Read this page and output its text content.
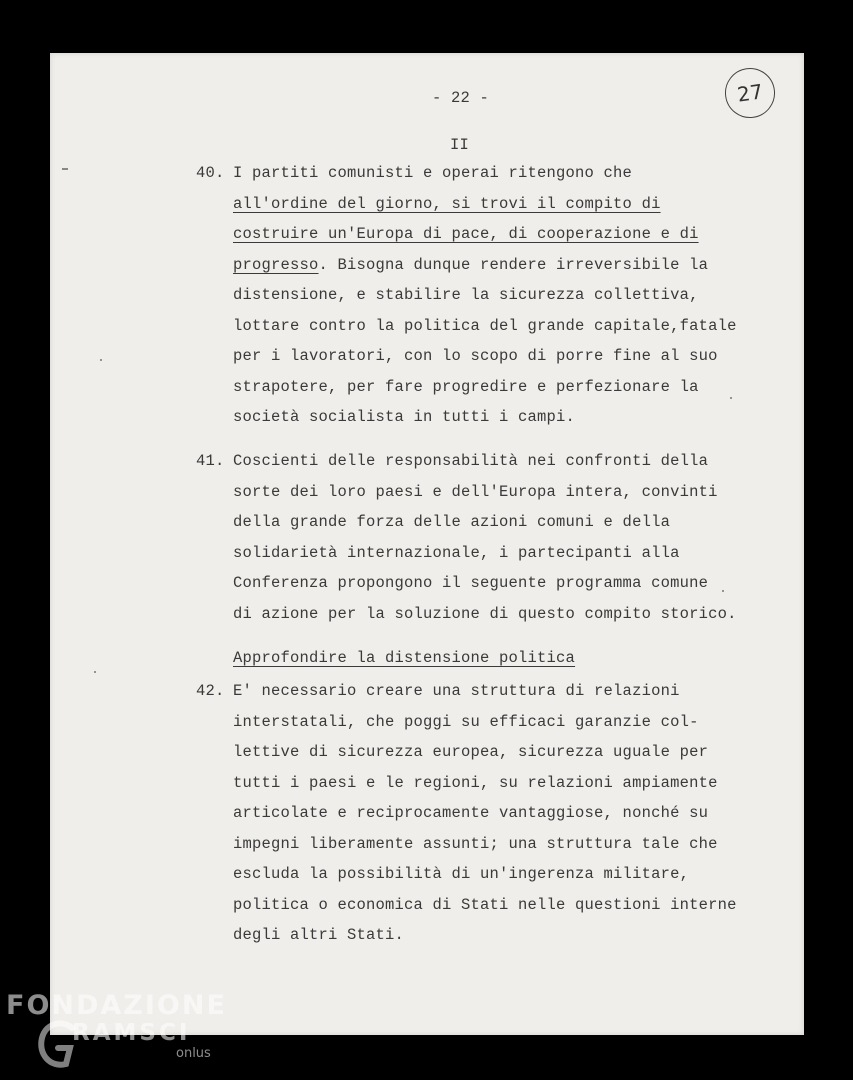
- 22 -	27
II
40. I partiti comunisti e operai ritengono che
all'ordine del giorno, si trovi il compito di
costruire un'Europa di pace, di cooperazione e di
progresso. Bisogna dunque rendere irreversibile la
distensione, e stabilire la sicurezza collettiva,
lottare contro la politica del grande capitale,fatale
per i lavoratori, con lo scopo di porre fine al suo
strapotere, per fare progredire e perfezionare la
società socialista in tutti i campi.
41. Coscienti delle responsabilità nei confronti della
sorte dei loro paesi e dell'Europa intera, convinti
della grande forza delle azioni comuni e della
solidarietà internazionale, i partecipanti alla
Conferenza propongono il seguente programma comune
di azione per la soluzione di questo compito storico.
Approfondire la distensione politica
42. E' necessario creare una struttura di relazioni
interstatali, che poggi su efficaci garanzie col-
lettive di sicurezza europea, sicurezza uguale per
tutti i paesi e le regioni, su relazioni ampiamente
articolate e reciprocamente vantaggiose, nonché su
impegni liberamente assunti; una struttura tale che
escluda la possibilità di un'ingerenza militare,
politica o economica di Stati nelle questioni interne
degli altri Stati.
FONDAZIONE
RAMSCI
onlus
